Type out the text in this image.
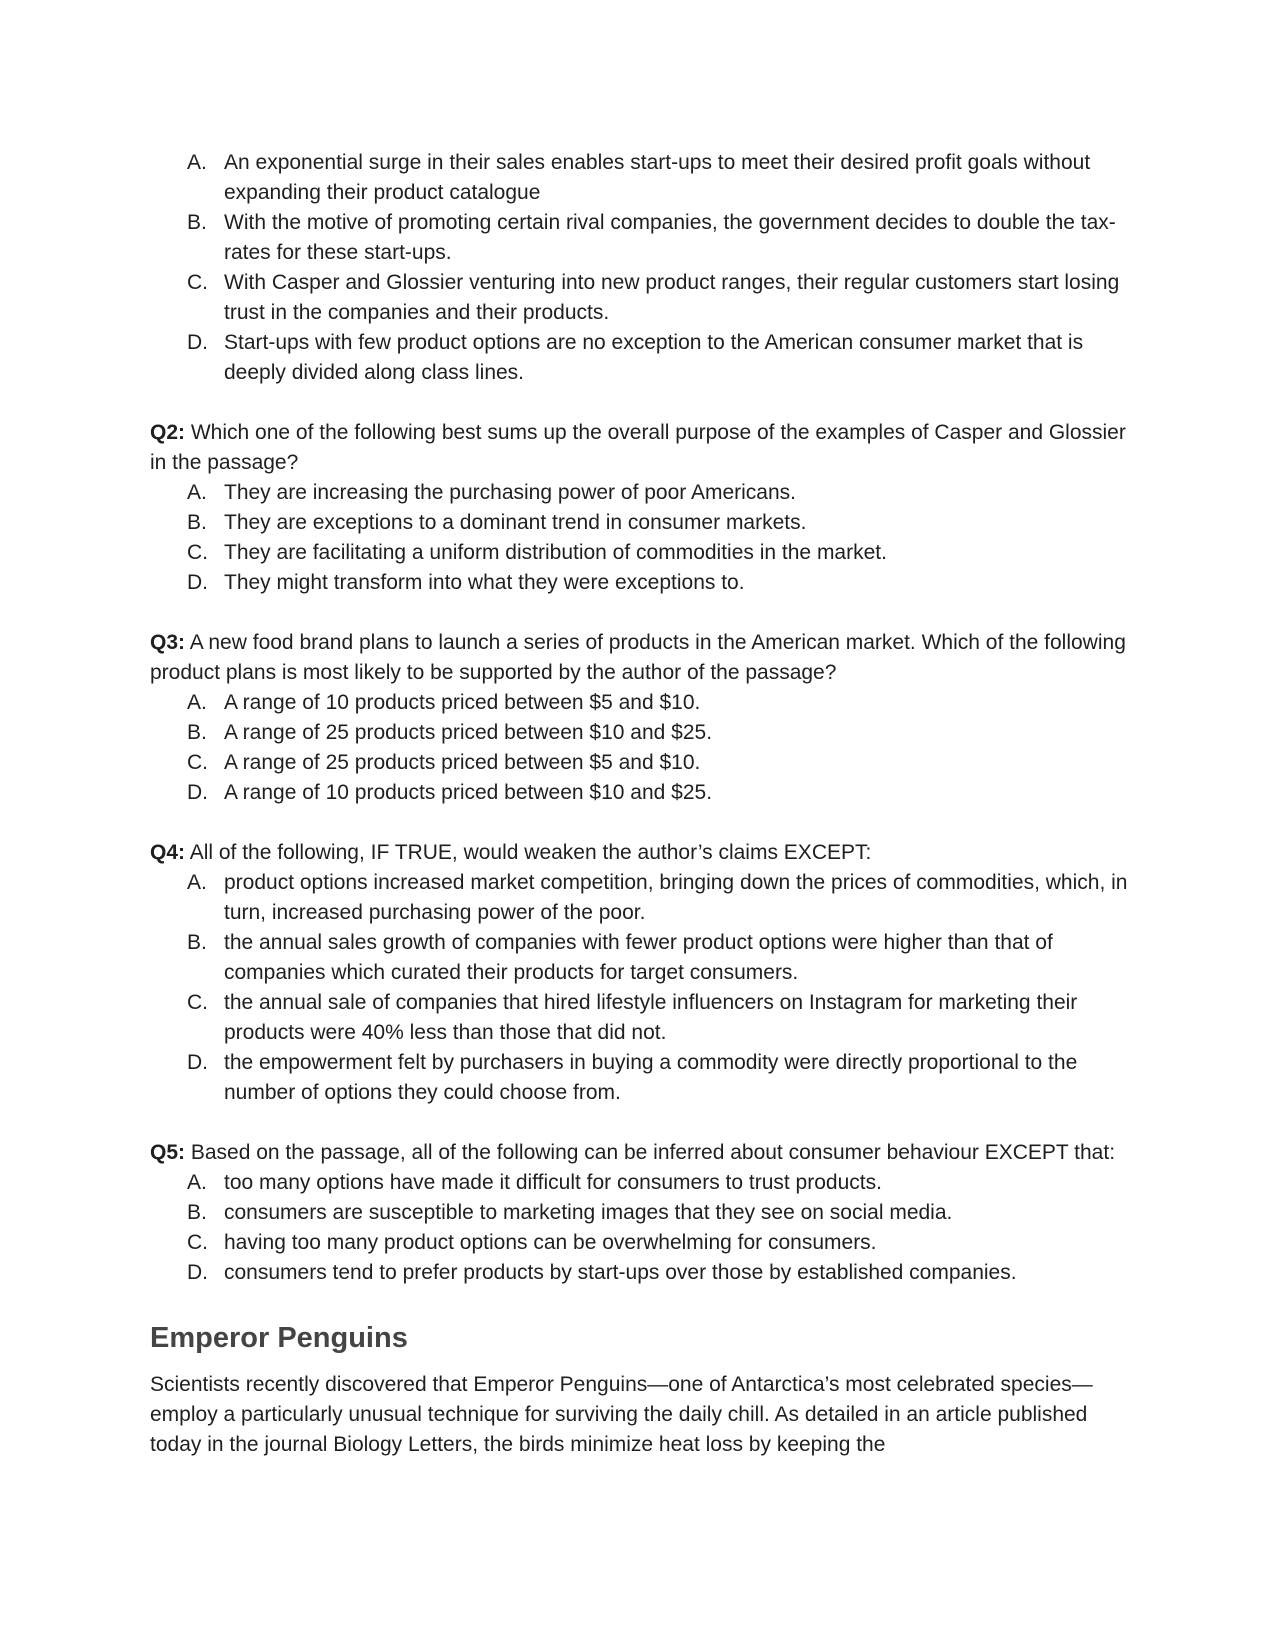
A. An exponential surge in their sales enables start-ups to meet their desired profit goals without expanding their product catalogue
B. With the motive of promoting certain rival companies, the government decides to double the tax-rates for these start-ups.
C. With Casper and Glossier venturing into new product ranges, their regular customers start losing trust in the companies and their products.
D. Start-ups with few product options are no exception to the American consumer market that is deeply divided along class lines.
Q2: Which one of the following best sums up the overall purpose of the examples of Casper and Glossier in the passage?
A. They are increasing the purchasing power of poor Americans.
B. They are exceptions to a dominant trend in consumer markets.
C. They are facilitating a uniform distribution of commodities in the market.
D. They might transform into what they were exceptions to.
Q3: A new food brand plans to launch a series of products in the American market. Which of the following product plans is most likely to be supported by the author of the passage?
A. A range of 10 products priced between $5 and $10.
B. A range of 25 products priced between $10 and $25.
C. A range of 25 products priced between $5 and $10.
D. A range of 10 products priced between $10 and $25.
Q4: All of the following, IF TRUE, would weaken the author’s claims EXCEPT:
A. product options increased market competition, bringing down the prices of commodities, which, in turn, increased purchasing power of the poor.
B. the annual sales growth of companies with fewer product options were higher than that of companies which curated their products for target consumers.
C. the annual sale of companies that hired lifestyle influencers on Instagram for marketing their products were 40% less than those that did not.
D. the empowerment felt by purchasers in buying a commodity were directly proportional to the number of options they could choose from.
Q5: Based on the passage, all of the following can be inferred about consumer behaviour EXCEPT that:
A. too many options have made it difficult for consumers to trust products.
B. consumers are susceptible to marketing images that they see on social media.
C. having too many product options can be overwhelming for consumers.
D. consumers tend to prefer products by start-ups over those by established companies.
Emperor Penguins

Scientists recently discovered that Emperor Penguins—one of Antarctica’s most celebrated species—employ a particularly unusual technique for surviving the daily chill. As detailed in an article published today in the journal Biology Letters, the birds minimize heat loss by keeping the
